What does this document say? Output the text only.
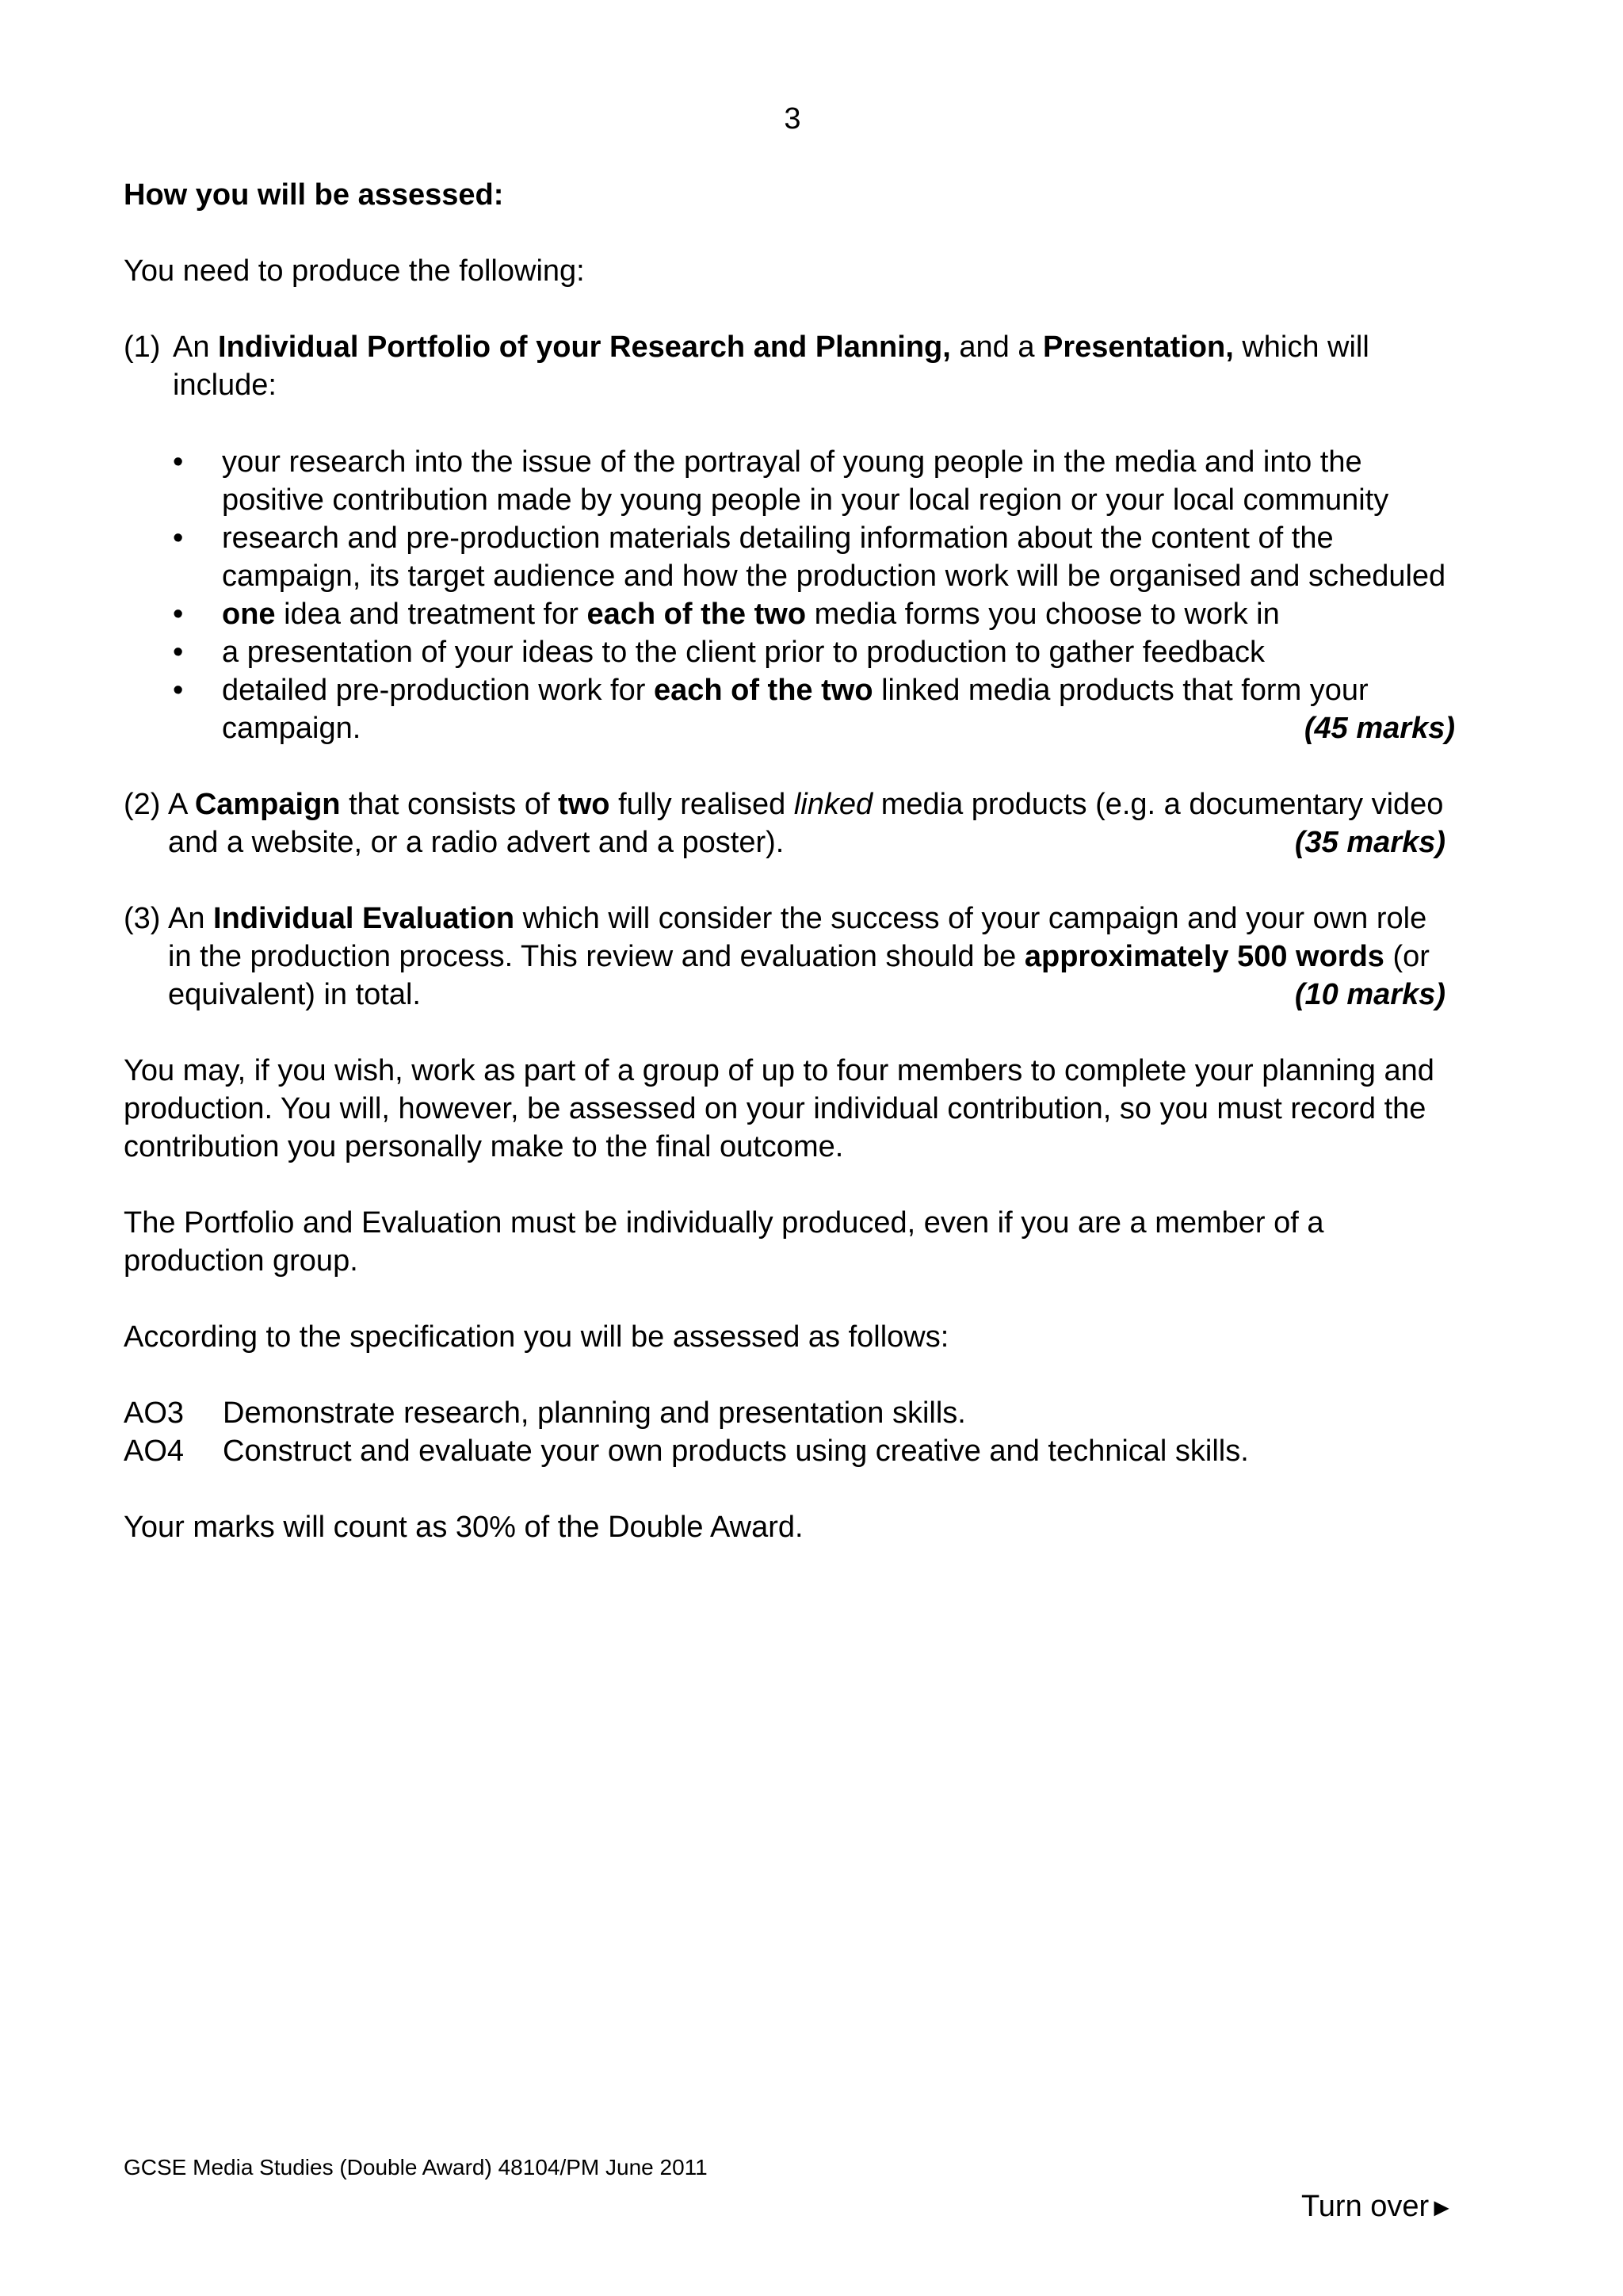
3

How you will be assessed:

You need to produce the following:

(1) An Individual Portfolio of your Research and Planning, and a Presentation, which will include:
•	your research into the issue of the portrayal of young people in the media and into the positive contribution made by young people in your local region or your local community
•	research and pre-production materials detailing information about the content of the campaign, its target audience and how the production work will be organised and scheduled
•	one idea and treatment for each of the two media forms you choose to work in
•	a presentation of your ideas to the client prior to production to gather feedback
•	detailed pre-production work for each of the two linked media products that form your
campaign.	(45 marks)
(2) A Campaign that consists of two fully realised linked media products (e.g. a documentary video
and a website, or a radio advert and a poster).	(35 marks)
(3) An Individual Evaluation which will consider the success of your campaign and your own role in the production process. This review and evaluation should be approximately 500 words (or
equivalent) in total.	(10 marks)

You may, if you wish, work as part of a group of up to four members to complete your planning and production. You will, however, be assessed on your individual contribution, so you must record the contribution you personally make to the final outcome.

The Portfolio and Evaluation must be individually produced, even if you are a member of a production group.

According to the specification you will be assessed as follows:

AO3	Demonstrate research, planning and presentation skills.
AO4	Construct and evaluate your own products using creative and technical skills.

Your marks will count as 30% of the Double Award.

GCSE Media Studies (Double Award) 48104/PM June 2011
Turn over►
